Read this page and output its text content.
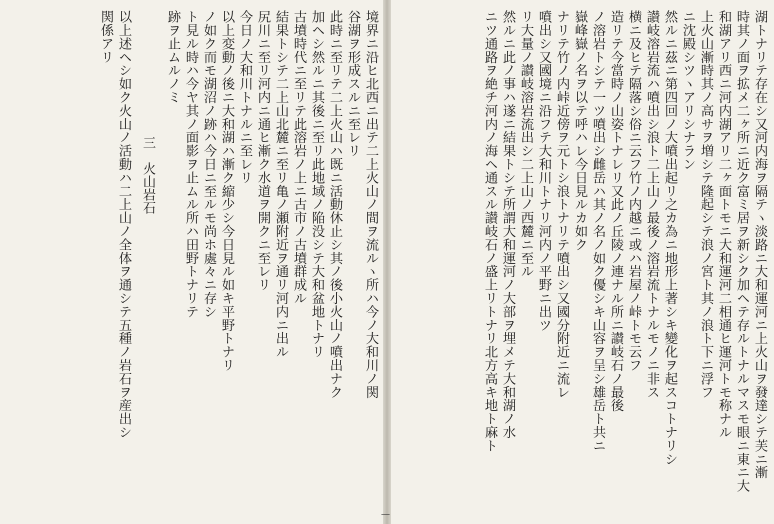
湖トナリテ存在シ又河内海ヲ隔テヽ淡路ニ大和運河ニ上火山ヲ發達シテ芙ニ漸
時其ノ面ヲ拡メ二ヶ所ニ近ク富ミ居ヲ新シク加ヘテ存ルトナルマスモ眼ニ東ニ大
和湖アリ西ニ河内湖アリ二ヶ面トモニ大和運河二相通ヒ運河トモ称ナル
上火山漸時其ノ高サヲ増シテ隆起シテ浪ノ宮ト其ノ浪ト下ニ浮フ
ニ沈殿シツヽアリシナラン
然ルニ茲ニ第四回ノ大噴出起リ之カ為ニ地形上著シキ變化ヲ起スコトナリシ
讃岐溶岩流ハ噴出シ浪ト二上山ノ最後ノ溶岩流トナルモノニ非ス
横ニ及ヒテ隔落シ俗ニ云フ竹ノ内越ニ或ハ岩屋ノ峠トモ云フ
造リテ今當時ノ山姿トナレリ又此ノ丘陵ノ連ナル所ニ讃岐石ノ最後
ノ溶岩トシテ一ツ噴出シ雌岳ハ其ノ名ノ如ク優シキ山容ヲ呈シ雄岳ト共ニ
嶽峰嶽ノ名ヲ以テ呼ハレ今日見ルカ如ク
ナリテ竹ノ内峠近傍ヲ元トシ浪トナリテ噴出シ又國分附近ニ流レ
噴出シ又國境ニ沿フテ大和川トナリ河内ノ平野ニ出ツ
リ大量ノ讃岐溶岩流出シ二上山ノ西麓ニ至ル
然ルニ此ノ事ハ遂ニ結果トシテ所謂大和運河ノ大部ヲ埋メテ大和湖ノ水
ニツ通路ヲ絶チ河内ノ海ヘ通スル讃岐石ノ盛上リトナリ北方高キ地ト麻ト
境界ニ沿ヒ北西ニ出テ二上火山ノ間ヲ流ルヽ所ハ今ノ大和川ノ関
谷湖ヲ形成スルニ至レリ
此時ニ至リテ二上火山ハ既ニ活動休止シ其ノ後小火山ノ噴出ナク
加ヘシ然ルニ其後ニ至リ此地域ノ陥没シテ大和盆地トナリ
古墳時代ニ至リテ此溶岩ノ上ニ古市ノ古墳群成ル
結果トシテ二上山北麓ニ至リ亀ノ瀬附近ヲ通リ河内ニ出ル
尻川ニ至リ河内ニ通ヒ漸ク水道ヲ開クニ至レリ
今日ノ大和川トナルニ至レリ
以上変動ノ後ニ大和湖ハ漸ク縮少シ今日見ル如キ平野トナリ
ノ如ク而モ湖沼ノ跡ハ今日ニ至ルモ尚ホ處々ニ存シ
ト見ル時ハ今ヤ其ノ面影ヲ止ムル所ハ田野トナリテ
跡ヲ止ムルノミ
三　火山岩石
以上述ヘシ如ク火山ノ活動ハ二上山ノ全体ヲ通シテ五種ノ岩石ヲ産出シ
関係アリ
—
